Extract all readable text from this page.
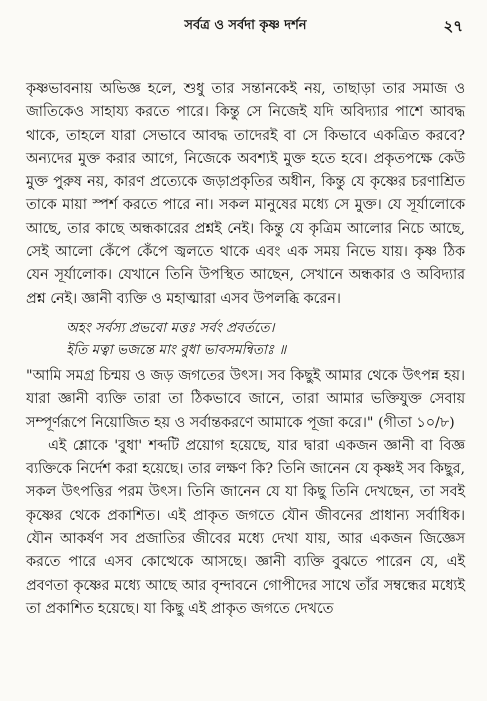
সর্বত্র ও সর্বদা কৃষ্ণ দর্শন	২৭

কৃষ্ণভাবনায় অভিজ্ঞ হলে, শুধু তার সন্তানকেই নয়, তাছাড়া তার সমাজ ও জাতিকেও সাহায্য করতে পারে। কিন্তু সে নিজেই যদি অবিদ্যার পাশে আবদ্ধ থাকে, তাহলে যারা সেভাবে আবদ্ধ তাদেরই বা সে কিভাবে একত্রিত করবে? অন্যদের মুক্ত করার আগে, নিজেকে অবশ্যই মুক্ত হতে হবে। প্রকৃতপক্ষে কেউ মুক্ত পুরুষ নয়, কারণ প্রত্যেকে জড়াপ্রকৃতির অধীন, কিন্তু যে কৃষ্ণের চরণাশ্রিত তাকে মায়া স্পর্শ করতে পারে না। সকল মানুষের মধ্যে সে মুক্ত। যে সূর্যালোকে আছে, তার কাছে অন্ধকারের প্রশ্নই নেই। কিন্তু যে কৃত্রিম আলোর নিচে আছে, সেই আলো কেঁপে কেঁপে জ্বলতে থাকে এবং এক সময় নিভে যায়। কৃষ্ণ ঠিক যেন সূর্যালোক। যেখানে তিনি উপস্থিত আছেন, সেখানে অন্ধকার ও অবিদ্যার প্রশ্ন নেই। জ্ঞানী ব্যক্তি ও মহাত্মারা এসব উপলব্ধি করেন।

অহং সর্বস্য প্রভবো মত্তঃ সর্বং প্রবর্ততে।
ইতি মত্বা ভজন্তে মাং বুধা ভাবসমন্বিতাঃ ॥

"আমি সমগ্র চিন্ময় ও জড় জগতের উৎস। সব কিছুই আমার থেকে উৎপন্ন হয়। যারা জ্ঞানী ব্যক্তি তারা তা ঠিকভাবে জানে, তারা আমার ভক্তিযুক্ত সেবায় সম্পূর্ণরূপে নিয়োজিত হয় ও সর্বান্তকরণে আমাকে পূজা করে।" (গীতা ১০/৮)

এই শ্লোকে 'বুধা' শব্দটি প্রয়োগ হয়েছে, যার দ্বারা একজন জ্ঞানী বা বিজ্ঞ ব্যক্তিকে নির্দেশ করা হয়েছে। তার লক্ষণ কি? তিনি জানেন যে কৃষ্ণই সব কিছুর, সকল উৎপত্তির পরম উৎস। তিনি জানেন যে যা কিছু তিনি দেখছেন, তা সবই কৃষ্ণের থেকে প্রকাশিত। এই প্রাকৃত জগতে যৌন জীবনের প্রাধান্য সর্বাধিক। যৌন আকর্ষণ সব প্রজাতির জীবের মধ্যে দেখা যায়, আর একজন জিজ্ঞেস করতে পারে এসব কোত্থেকে আসছে। জ্ঞানী ব্যক্তি বুঝতে পারেন যে, এই প্রবণতা কৃষ্ণের মধ্যে আছে আর বৃন্দাবনে গোপীদের সাথে তাঁর সম্বন্ধের মধ্যেই তা প্রকাশিত হয়েছে। যা কিছু এই প্রাকৃত জগতে দেখতে
